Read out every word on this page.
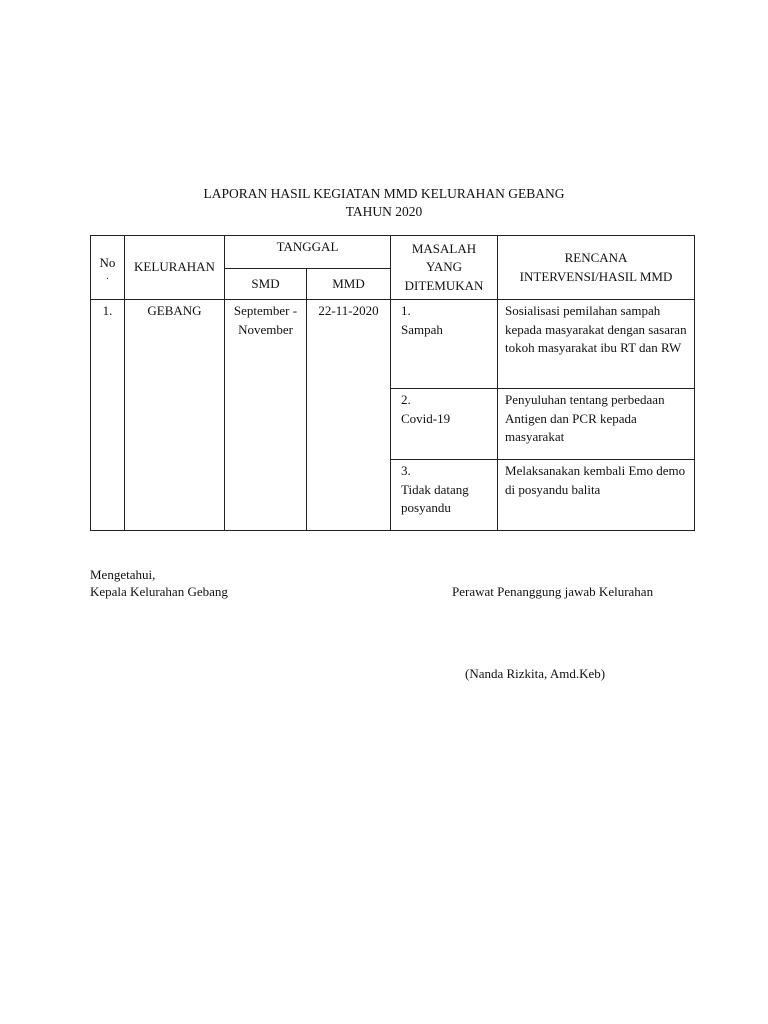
LAPORAN HASIL KEGIATAN MMD KELURAHAN GEBANG
TAHUN 2020
No
.	KELURAHAN	TANGGAL		MASALAH YANG DITEMUKAN	RENCANA INTERVENSI/HASIL MMD
		SMD	MMD		
1.	GEBANG	September - November	22-11-2020	1.Sampah	Sosialisasi pemilahan sampah kepada masyarakat dengan sasaran tokoh masyarakat ibu RT dan RW
				2.Covid-19	Penyuluhan tentang perbedaan Antigen dan PCR kepada masyarakat
				3.Tidak datang posyandu	Melaksanakan kembali Emo demo di posyandu balita
Mengetahui,
Kepala Kelurahan Gebang	Perawat Penanggung jawab Kelurahan
(Nanda Rizkita, Amd.Keb)
